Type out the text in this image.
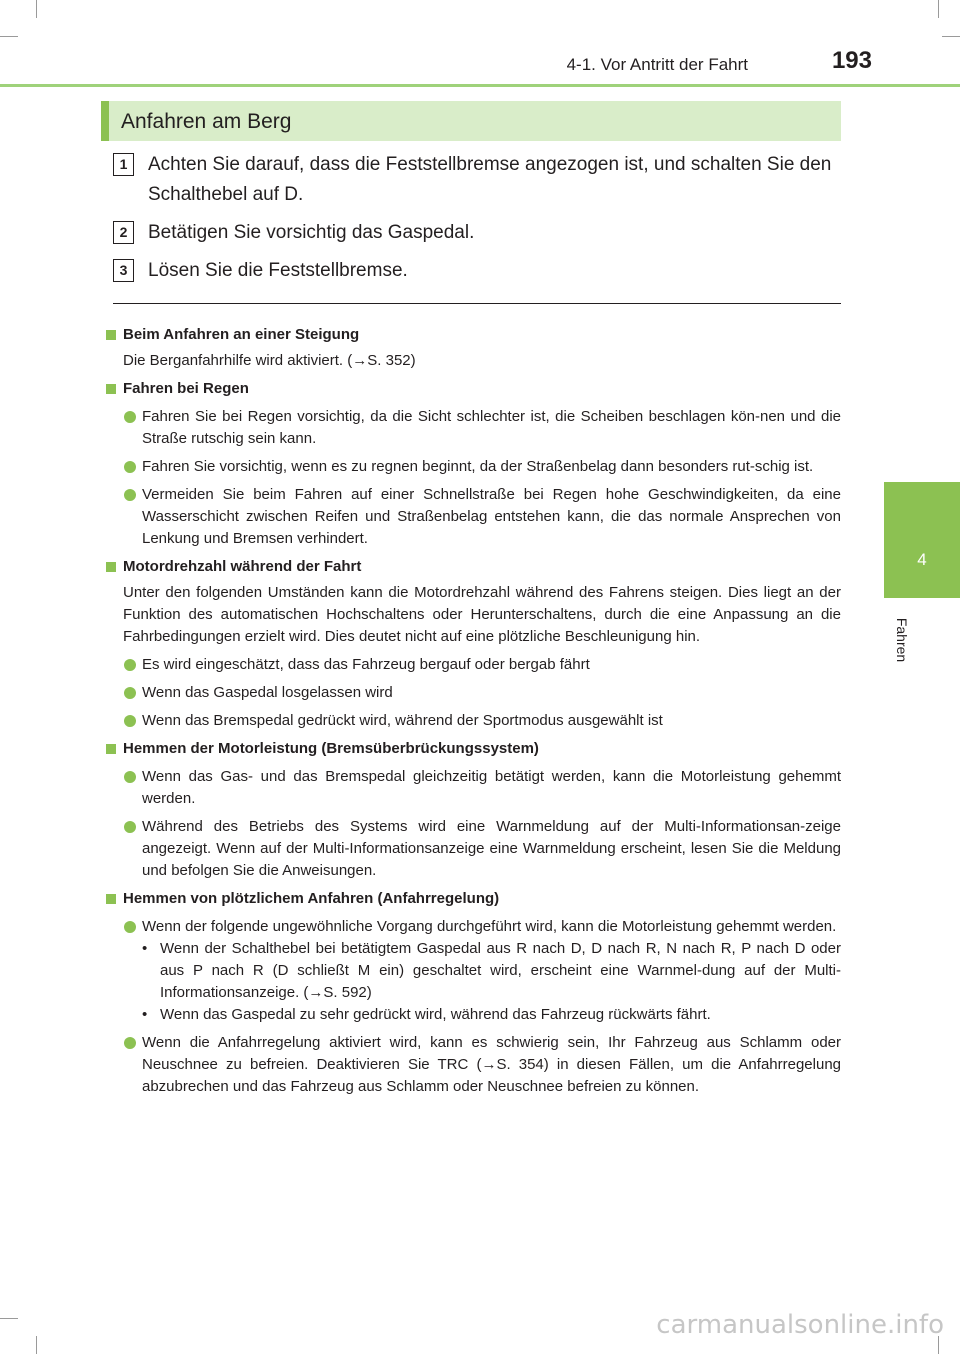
4-1. Vor Antritt der Fahrt	193
4
Fahren
Anfahren am Berg
1	Achten Sie darauf, dass die Feststellbremse angezogen ist, und schalten Sie den Schalthebel auf D.
2	Betätigen Sie vorsichtig das Gaspedal.
3	Lösen Sie die Feststellbremse.
Beim Anfahren an einer Steigung
Die Berganfahrhilfe wird aktiviert. (→S. 352)
Fahren bei Regen
Fahren Sie bei Regen vorsichtig, da die Sicht schlechter ist, die Scheiben beschlagen kön-nen und die Straße rutschig sein kann.
Fahren Sie vorsichtig, wenn es zu regnen beginnt, da der Straßenbelag dann besonders rut-schig ist.
Vermeiden Sie beim Fahren auf einer Schnellstraße bei Regen hohe Geschwindigkeiten, da eine Wasserschicht zwischen Reifen und Straßenbelag entstehen kann, die das normale Ansprechen von Lenkung und Bremsen verhindert.
Motordrehzahl während der Fahrt
Unter den folgenden Umständen kann die Motordrehzahl während des Fahrens steigen. Dies liegt an der Funktion des automatischen Hochschaltens oder Herunterschaltens, durch die eine Anpassung an die Fahrbedingungen erzielt wird. Dies deutet nicht auf eine plötzliche Beschleunigung hin.
Es wird eingeschätzt, dass das Fahrzeug bergauf oder bergab fährt
Wenn das Gaspedal losgelassen wird
Wenn das Bremspedal gedrückt wird, während der Sportmodus ausgewählt ist
Hemmen der Motorleistung (Bremsüberbrückungssystem)
Wenn das Gas- und das Bremspedal gleichzeitig betätigt werden, kann die Motorleistung gehemmt werden.
Während des Betriebs des Systems wird eine Warnmeldung auf der Multi-Informationsan-zeige angezeigt. Wenn auf der Multi-Informationsanzeige eine Warnmeldung erscheint, lesen Sie die Meldung und befolgen Sie die Anweisungen.
Hemmen von plötzlichem Anfahren (Anfahrregelung)
Wenn der folgende ungewöhnliche Vorgang durchgeführt wird, kann die Motorleistung gehemmt werden.
• Wenn der Schalthebel bei betätigtem Gaspedal aus R nach D, D nach R, N nach R, P nach D oder aus P nach R (D schließt M ein) geschaltet wird, erscheint eine Warnmel-dung auf der Multi-Informationsanzeige. (→S. 592)
• Wenn das Gaspedal zu sehr gedrückt wird, während das Fahrzeug rückwärts fährt.
Wenn die Anfahrregelung aktiviert wird, kann es schwierig sein, Ihr Fahrzeug aus Schlamm oder Neuschnee zu befreien. Deaktivieren Sie TRC (→S. 354) in diesen Fällen, um die Anfahrregelung abzubrechen und das Fahrzeug aus Schlamm oder Neuschnee befreien zu können.
carmanualsonline.info
